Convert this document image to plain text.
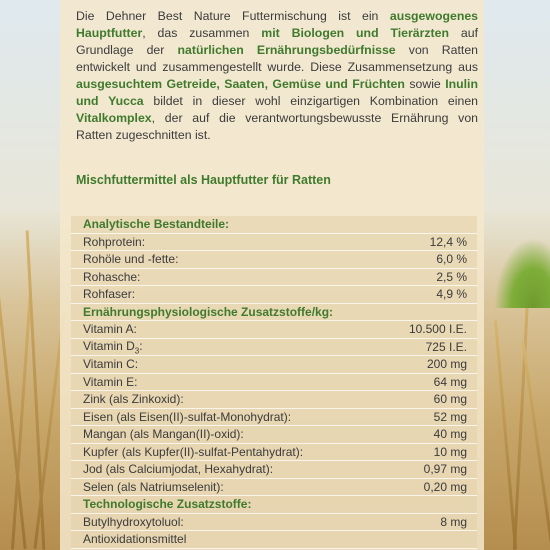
Die Dehner Best Nature Futtermischung ist ein ausgewogenes Hauptfutter, das zusammen mit Biologen und Tierärzten auf Grundlage der natürlichen Ernährungsbedürfnisse von Ratten entwickelt und zusammengestellt wurde. Diese Zusammensetzung aus ausgesuchtem Getreide, Saaten, Gemüse und Früchten sowie Inulin und Yucca bildet in dieser wohl einzigartigen Kombination einen Vitalkomplex, der auf die verantwortungsbewusste Ernährung von Ratten zugeschnitten ist.
Mischfuttermittel als Hauptfutter für Ratten
Analytische Bestandteile:
Rohprotein:	12,4 %
Rohöle und -fette:	6,0 %
Rohasche:	2,5 %
Rohfaser:	4,9 %
Ernährungsphysiologische Zusatzstoffe/kg:
Vitamin A:	10.500 I.E.
Vitamin $D_3$:	725 I.E.
Vitamin C:	200 mg
Vitamin E:	64 mg
Zink (als Zinkoxid):	60 mg
Eisen (als Eisen(II)-sulfat-Monohydrat):	52 mg
Mangan (als Mangan(II)-oxid):	40 mg
Kupfer (als Kupfer(II)-sulfat-Pentahydrat):	10 mg
Jod (als Calciumjodat, Hexahydrat):	0,97 mg
Selen (als Natriumselenit):	0,20 mg
Technologische Zusatzstoffe:
Butylhydroxytoluol:	8 mg
Antioxidationsmittel
